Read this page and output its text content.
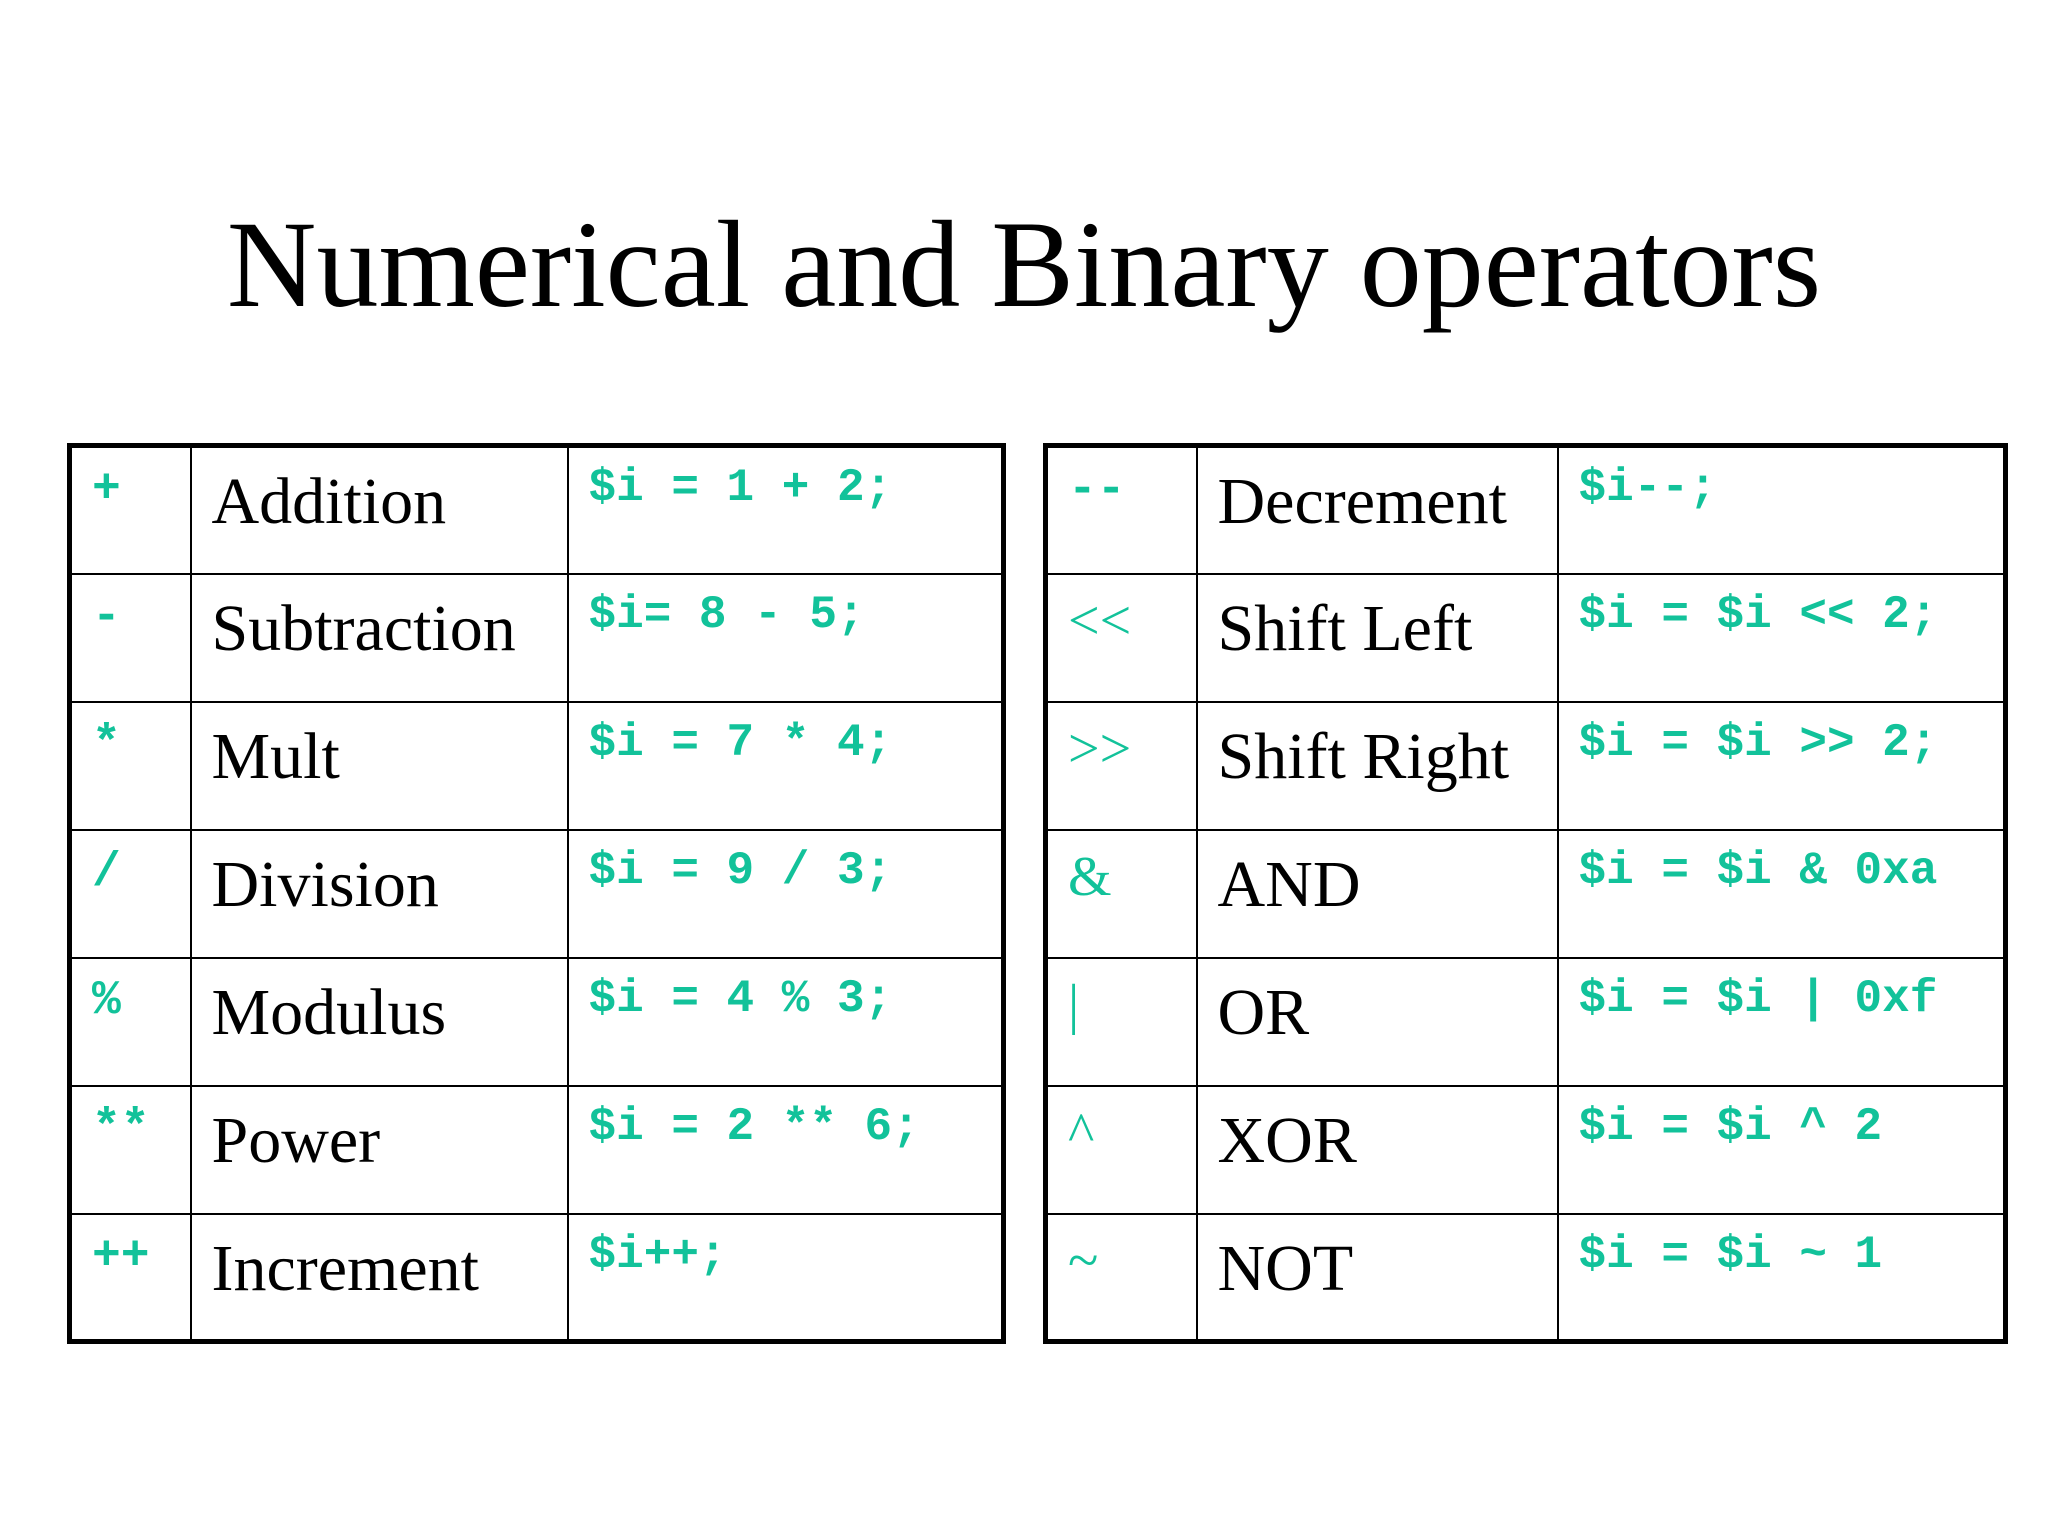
Numerical and Binary operators
+	Addition	$i = 1 + 2;
-	Subtraction	$i= 8 - 5;
*	Mult	$i = 7 * 4;
/	Division	$i = 9 / 3;
%	Modulus	$i = 4 % 3;
**	Power	$i = 2 ** 6;
++	Increment	$i++;
--	Decrement	$i--;
<<	Shift Left	$i = $i << 2;
>>	Shift Right	$i = $i >> 2;
&	AND	$i = $i & 0xa
|	OR	$i = $i | 0xf
^	XOR	$i = $i ^ 2
~	NOT	$i = $i ~ 1
